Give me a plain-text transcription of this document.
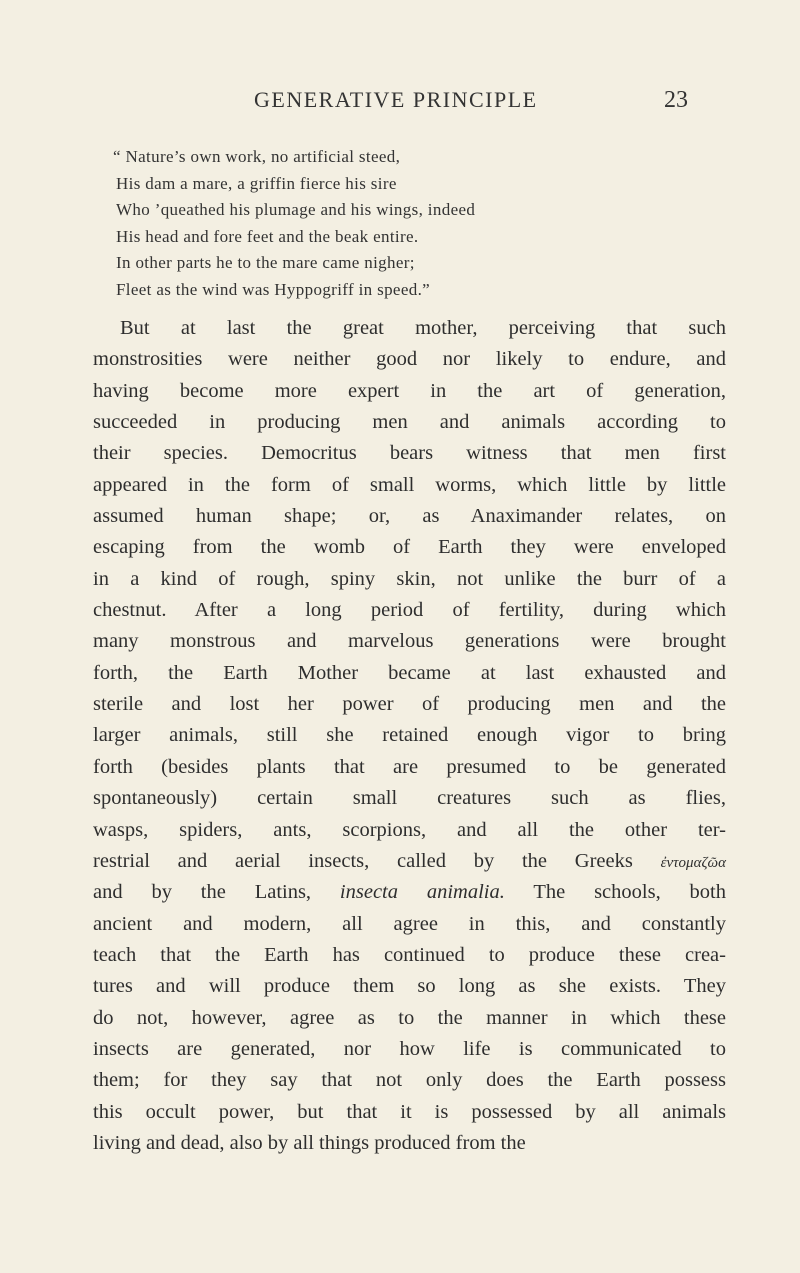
GENERATIVE PRINCIPLE	23
“ Nature’s own work, no artificial steed,
His dam a mare, a griffin fierce his sire
Who ’queathed his plumage and his wings, indeed
His head and fore feet and the beak entire.
In other parts he to the mare came nigher;
Fleet as the wind was Hyppogriff in speed.”
But at last the great mother, perceiving that such
monstrosities were neither good nor likely to endure, and
having become more expert in the art of generation,
succeeded in producing men and animals according to
their species. Democritus bears witness that men first
appeared in the form of small worms, which little by little
assumed human shape; or, as Anaximander relates, on
escaping from the womb of Earth they were enveloped
in a kind of rough, spiny skin, not unlike the burr of a
chestnut. After a long period of fertility, during which
many monstrous and marvelous generations were brought
forth, the Earth Mother became at last exhausted and
sterile and lost her power of producing men and the
larger animals, still she retained enough vigor to bring
forth (besides plants that are presumed to be generated
spontaneously) certain small creatures such as flies,
wasps, spiders, ants, scorpions, and all the other ter-
restrial and aerial insects, called by the Greeks ἐντομαζῶα
and by the Latins, insecta animalia. The schools, both
ancient and modern, all agree in this, and constantly
teach that the Earth has continued to produce these crea-
tures and will produce them so long as she exists. They
do not, however, agree as to the manner in which these
insects are generated, nor how life is communicated to
them; for they say that not only does the Earth possess
this occult power, but that it is possessed by all animals
living and dead, also by all things produced from the
